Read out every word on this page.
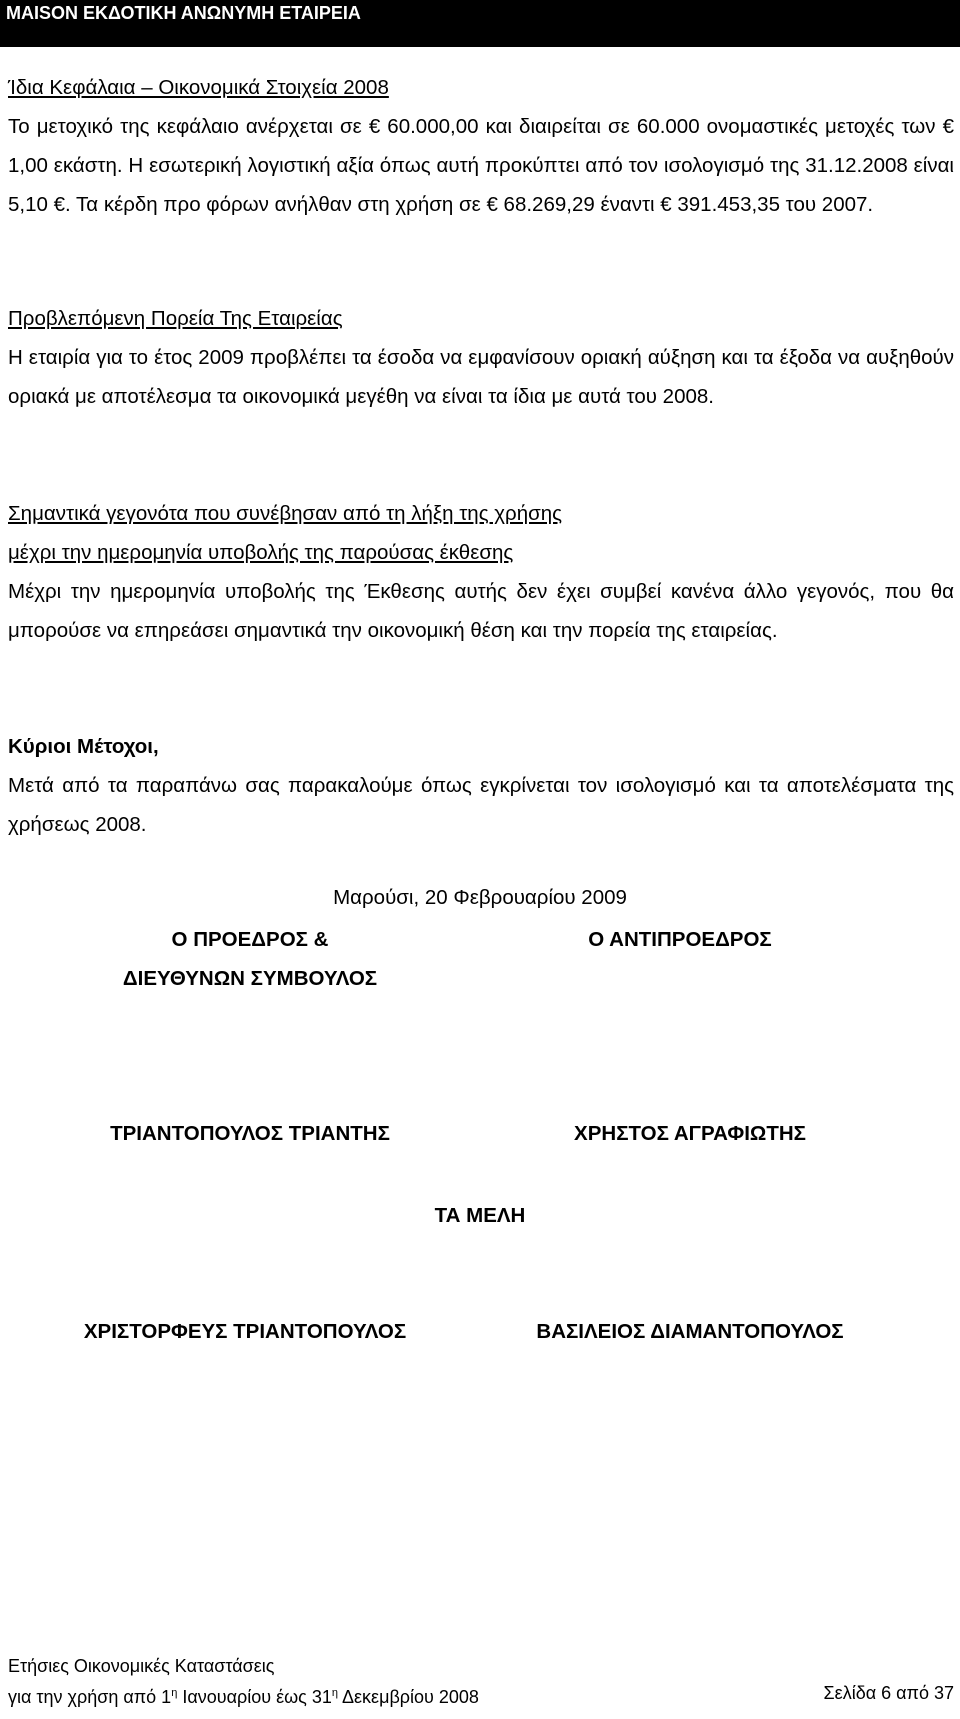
MAISON ΕΚΔΟΤΙΚΗ ΑΝΩΝΥΜΗ ΕΤΑΙΡΕΙΑ
Ίδια Κεφάλαια – Οικονομικά Στοιχεία 2008
Το μετοχικό της κεφάλαιο ανέρχεται σε € 60.000,00 και διαιρείται σε 60.000 ονομαστικές μετοχές των € 1,00 εκάστη. Η εσωτερική λογιστική αξία όπως αυτή προκύπτει από τον ισολογισμό της 31.12.2008 είναι 5,10 €. Τα κέρδη προ φόρων ανήλθαν στη χρήση σε € 68.269,29 έναντι € 391.453,35 του 2007.
Προβλεπόμενη Πορεία Της Εταιρείας
Η εταιρία για το έτος 2009 προβλέπει τα έσοδα να εμφανίσουν οριακή αύξηση και τα έξοδα να αυξηθούν οριακά με αποτέλεσμα τα οικονομικά μεγέθη να είναι τα ίδια με αυτά του 2008.
Σημαντικά γεγονότα που συνέβησαν από τη λήξη της χρήσης
μέχρι την ημερομηνία υποβολής της παρούσας έκθεσης
Μέχρι την ημερομηνία υποβολής της Έκθεσης αυτής δεν έχει συμβεί κανένα άλλο γεγονός, που θα μπορούσε να επηρεάσει σημαντικά την οικονομική θέση και την πορεία της εταιρείας.
Κύριοι Μέτοχοι,
Μετά από τα παραπάνω σας παρακαλούμε όπως εγκρίνεται τον ισολογισμό και τα αποτελέσματα της χρήσεως 2008.
Μαρούσι, 20 Φεβρουαρίου 2009
Ο ΠΡΟΕΔΡΟΣ &
ΔΙΕΥΘΥΝΩΝ ΣΥΜΒΟΥΛΟΣ
Ο ΑΝΤΙΠΡΟΕΔΡΟΣ
ΤΡΙΑΝΤΟΠΟΥΛΟΣ ΤΡΙΑΝΤΗΣ	ΧΡΗΣΤΟΣ ΑΓΡΑΦΙΩΤΗΣ
ΤΑ ΜΕΛΗ
ΧΡΙΣΤΟΡΦΕΥΣ ΤΡΙΑΝΤΟΠΟΥΛΟΣ	ΒΑΣΙΛΕΙΟΣ ΔΙΑΜΑΝΤΟΠΟΥΛΟΣ
Ετήσιες Οικονομικές Καταστάσεις
για την χρήση από $1^\eta$ Ιανουαρίου έως $31^\eta$ Δεκεμβρίου 2008	Σελίδα 6 από 37
